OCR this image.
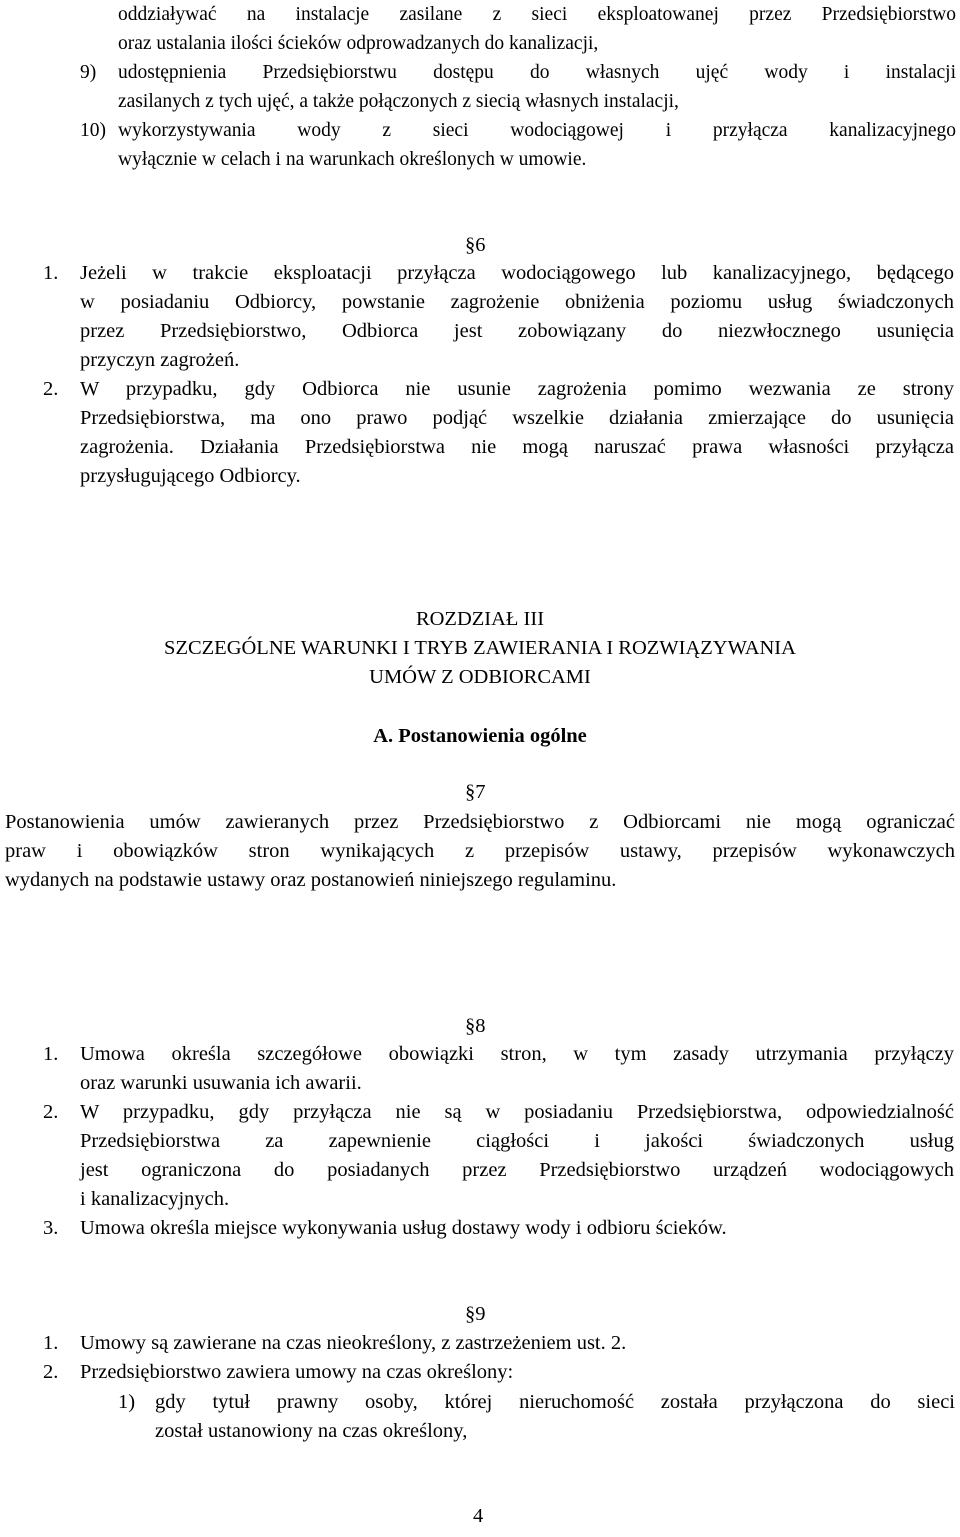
oddziaływać na instalacje zasilane z sieci eksploatowanej przez Przedsiębiorstwo
oraz ustalania ilości ścieków odprowadzanych do kanalizacji,
9) udostępnienia Przedsiębiorstwu dostępu do własnych ujęć wody i instalacji
zasilanych z tych ujęć, a także połączonych z siecią własnych instalacji,
10) wykorzystywania wody z sieci wodociągowej i przyłącza kanalizacyjnego
wyłącznie w celach i na warunkach określonych w umowie.
§6
1. Jeżeli w trakcie eksploatacji przyłącza wodociągowego lub kanalizacyjnego, będącego
w posiadaniu Odbiorcy, powstanie zagrożenie obniżenia poziomu usług świadczonych
przez Przedsiębiorstwo, Odbiorca jest zobowiązany do niezwłocznego usunięcia
przyczyn zagrożeń.
2. W przypadku, gdy Odbiorca nie usunie zagrożenia pomimo wezwania ze strony
Przedsiębiorstwa, ma ono prawo podjąć wszelkie działania zmierzające do usunięcia
zagrożenia. Działania Przedsiębiorstwa nie mogą naruszać prawa własności przyłącza
przysługującego Odbiorcy.
ROZDZIAŁ III
SZCZEGÓLNE WARUNKI I TRYB ZAWIERANIA I ROZWIĄZYWANIA
UMÓW Z ODBIORCAMI
A. Postanowienia ogólne
§7
Postanowienia umów zawieranych przez Przedsiębiorstwo z Odbiorcami nie mogą ograniczać
praw i obowiązków stron wynikających z przepisów ustawy, przepisów wykonawczych
wydanych na podstawie ustawy oraz postanowień niniejszego regulaminu.
§8
1. Umowa określa szczegółowe obowiązki stron, w tym zasady utrzymania przyłączy
oraz warunki usuwania ich awarii.
2. W przypadku, gdy przyłącza nie są w posiadaniu Przedsiębiorstwa, odpowiedzialność
Przedsiębiorstwa za zapewnienie ciągłości i jakości świadczonych usług
jest ograniczona do posiadanych przez Przedsiębiorstwo urządzeń wodociągowych
i kanalizacyjnych.
3. Umowa określa miejsce wykonywania usług dostawy wody i odbioru ścieków.
§9
1. Umowy są zawierane na czas nieokreślony, z zastrzeżeniem ust. 2.
2. Przedsiębiorstwo zawiera umowy na czas określony:
1) gdy tytuł prawny osoby, której nieruchomość została przyłączona do sieci
został ustanowiony na czas określony,
4
